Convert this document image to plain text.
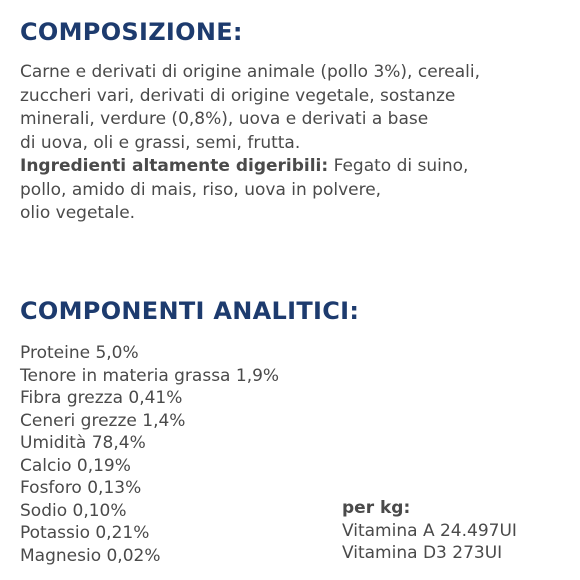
COMPOSIZIONE:
Carne e derivati di origine animale (pollo 3%), cereali,
zuccheri vari, derivati di origine vegetale, sostanze
minerali, verdure (0,8%), uova e derivati a base
di uova, oli e grassi, semi, frutta.
Ingredienti altamente digeribili: Fegato di suino,
pollo, amido di mais, riso, uova in polvere,
olio vegetale.
COMPONENTI ANALITICI:
Proteine 5,0%
Tenore in materia grassa 1,9%
Fibra grezza 0,41%
Ceneri grezze 1,4%
Umidità 78,4%
Calcio 0,19%
Fosforo 0,13%
Sodio 0,10%
Potassio 0,21%
Magnesio 0,02%
per kg:
Vitamina A 24.497UI
Vitamina D3 273UI
